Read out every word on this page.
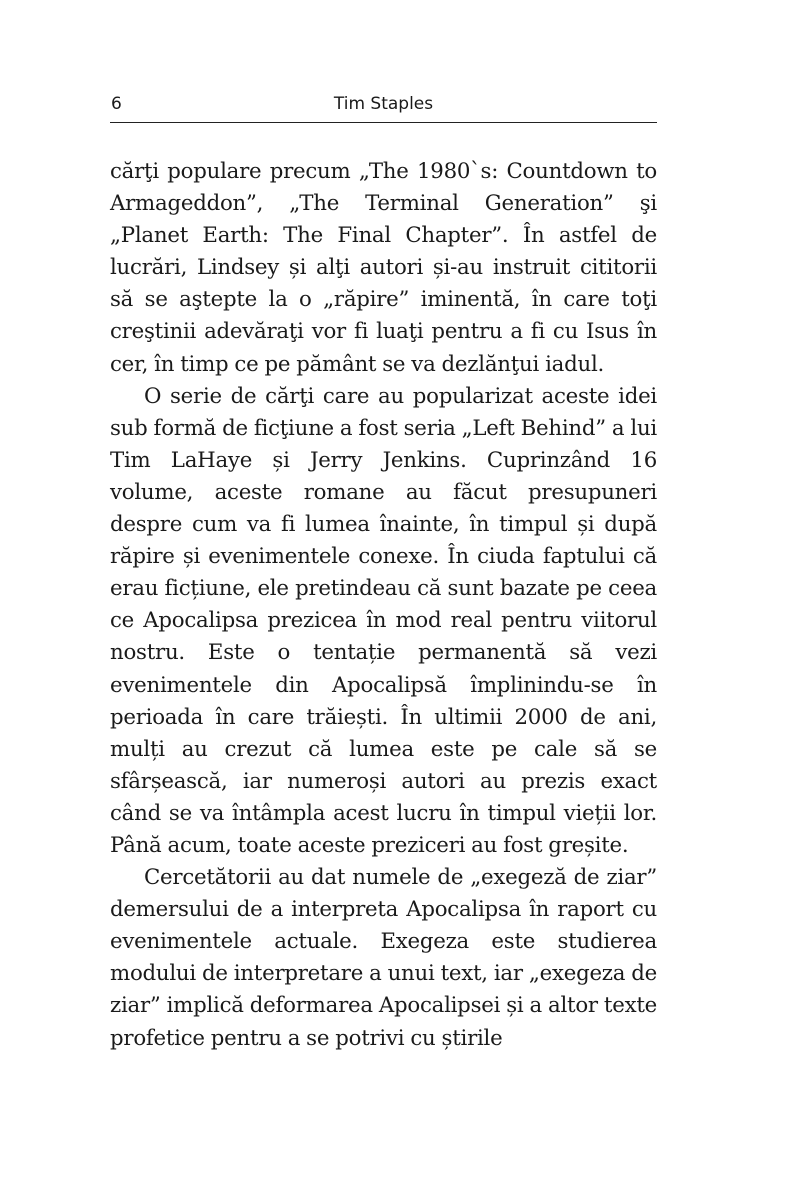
6	Tim Staples

cărţi populare precum „The 1980`s: Countdown to Armageddon”, „The Terminal Generation” şi „Planet Earth: The Final Chapter”. În astfel de lucrări, Lindsey și alţi autori și-au instruit cititorii să se aştepte la o „răpire” iminentă, în care toţi creştinii adevăraţi vor fi luaţi pentru a fi cu Isus în cer, în timp ce pe pământ se va dezlănţui iadul.

O serie de cărţi care au popularizat aceste idei sub formă de ficţiune a fost seria „Left Behind” a lui Tim LaHaye și Jerry Jenkins. Cuprinzând 16 volume, aceste romane au făcut presupuneri despre cum va fi lumea înainte, în timpul și după răpire și evenimentele conexe. În ciuda faptului că erau ficțiune, ele pretindeau că sunt bazate pe ceea ce Apocalipsa prezicea în mod real pentru viitorul nostru. Este o tentație permanentă să vezi evenimentele din Apocalipsă împlinindu-se în perioada în care trăiești. În ultimii 2000 de ani, mulți au crezut că lumea este pe cale să se sfârșească, iar numeroși autori au prezis exact când se va întâmpla acest lucru în timpul vieții lor. Până acum, toate aceste preziceri au fost greșite.

Cercetătorii au dat numele de „exegeză de ziar” demersului de a interpreta Apocalipsa în raport cu evenimentele actuale. Exegeza este studierea modului de interpretare a unui text, iar „exegeza de ziar” implică deformarea Apocalipsei și a altor texte profetice pentru a se potrivi cu știrile
